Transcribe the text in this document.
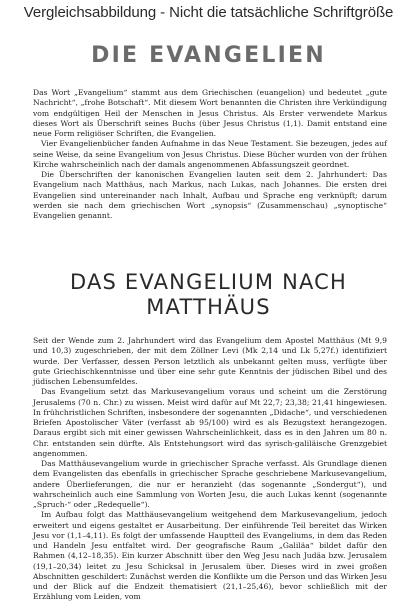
Vergleichsabbildung - Nicht die tatsächliche Schriftgröße
DIE EVANGELIEN

Das Wort „Evangelium“ stammt aus dem Griechischen (euangelion) und bedeutet „gute Nachricht“, „frohe Botschaft“. Mit diesem Wort benannten die Christen ihre Verkündigung vom endgültigen Heil der Menschen in Jesus Christus. Als Erster verwendete Markus dieses Wort als Überschrift seines Buchs (über Jesus Christus (1,1). Damit entstand eine neue Form religiöser Schriften, die Evangelien.

Vier Evangelienbücher fanden Aufnahme in das Neue Testament. Sie bezeugen, jedes auf seine Weise, da seine Evangelium von Jesus Christus. Diese Bücher wurden von der frühen Kirche wahrscheinlich nach der damals angenommenen Abfassungszeit geordnet.

Die Überschriften der kanonischen Evangelien lauten seit dem 2. Jahrhundert: Das Evangelium nach Matthäus, nach Markus, nach Lukas, nach Johannes. Die ersten drei Evangelien sind untereinander nach Inhalt, Aufbau und Sprache eng verknüpft; darum werden sie nach dem griechischen Wort „synopsis“ (Zusammenschau) „synoptische“ Evangelien genannt.

DAS EVANGELIUM NACH
MATTHÄUS

Seit der Wende zum 2. Jahrhundert wird das Evangelium dem Apostel Matthäus (Mt 9,9 und 10,3) zugeschrieben, der mit dem Zöllner Levi (Mk 2,14 und Lk 5,27f.) identifiziert wurde. Der Verfasser, dessen Person letztlich als unbekannt gelten muss, verfügte über gute Griechischkenntnisse und über eine sehr gute Kenntnis der jüdischen Bibel und des jüdischen Lebensumfeldes.

Das Evangelium setzt das Markusevangelium voraus und scheint um die Zerstörung Jerusalems (70 n. Chr.) zu wissen. Meist wird dafür auf Mt 22,7; 23,38; 21,41 hingewiesen. In frühchristlichen Schriften, insbesondere der sogenannten „Didache“, und verschiedenen Briefen Apostolischer Väter (verfasst ab 95/100) wird es als Bezugstext herangezogen. Daraus ergibt sich mit einer gewissen Wahrscheinlichkeit, dass es in den Jahren um 80 n. Chr. entstanden sein dürfte. Als Entstehungsort wird das syrisch-galiläische Grenzgebiet angenommen.

Das Matthäusevangelium wurde in griechischer Sprache verfasst. Als Grundlage dienen dem Evangelisten das ebenfalls in griechischer Sprache geschriebene Markusevangelium, andere Überlieferungen, die nur er heranzieht (das sogenannte „Sondergut“), und wahrscheinlich auch eine Sammlung von Worten Jesu, die auch Lukas kennt (sogenannte „Spruch-“ oder „Redequelle“).

Im Aufbau folgt das Matthäusevangelium weitgehend dem Markusevangelium, jedoch erweitert und eigens gestaltet er Ausarbeitung. Der einführende Teil bereitet das Wirken Jesu vor (1,1–4,11). Es folgt der umfassende Hauptteil des Evangeliums, in dem das Reden und Handeln Jesu entfaltet wird. Der geografische Raum „Galiläa“ bildet dafür den Rahmen (4,12–18,35). Ein kurzer Abschnitt über den Weg Jesu nach Judäa bzw. Jerusalem (19,1–20,34) leitet zu Jesu Schicksal in Jerusalem über. Dieses wird in zwei großen Abschnitten geschildert: Zunächst werden die Konflikte um die Person und das Wirken Jesu und der Blick auf die Endzeit thematisiert (21,1–25,46), bevor schließlich mit der Erzählung vom Leiden, vom
